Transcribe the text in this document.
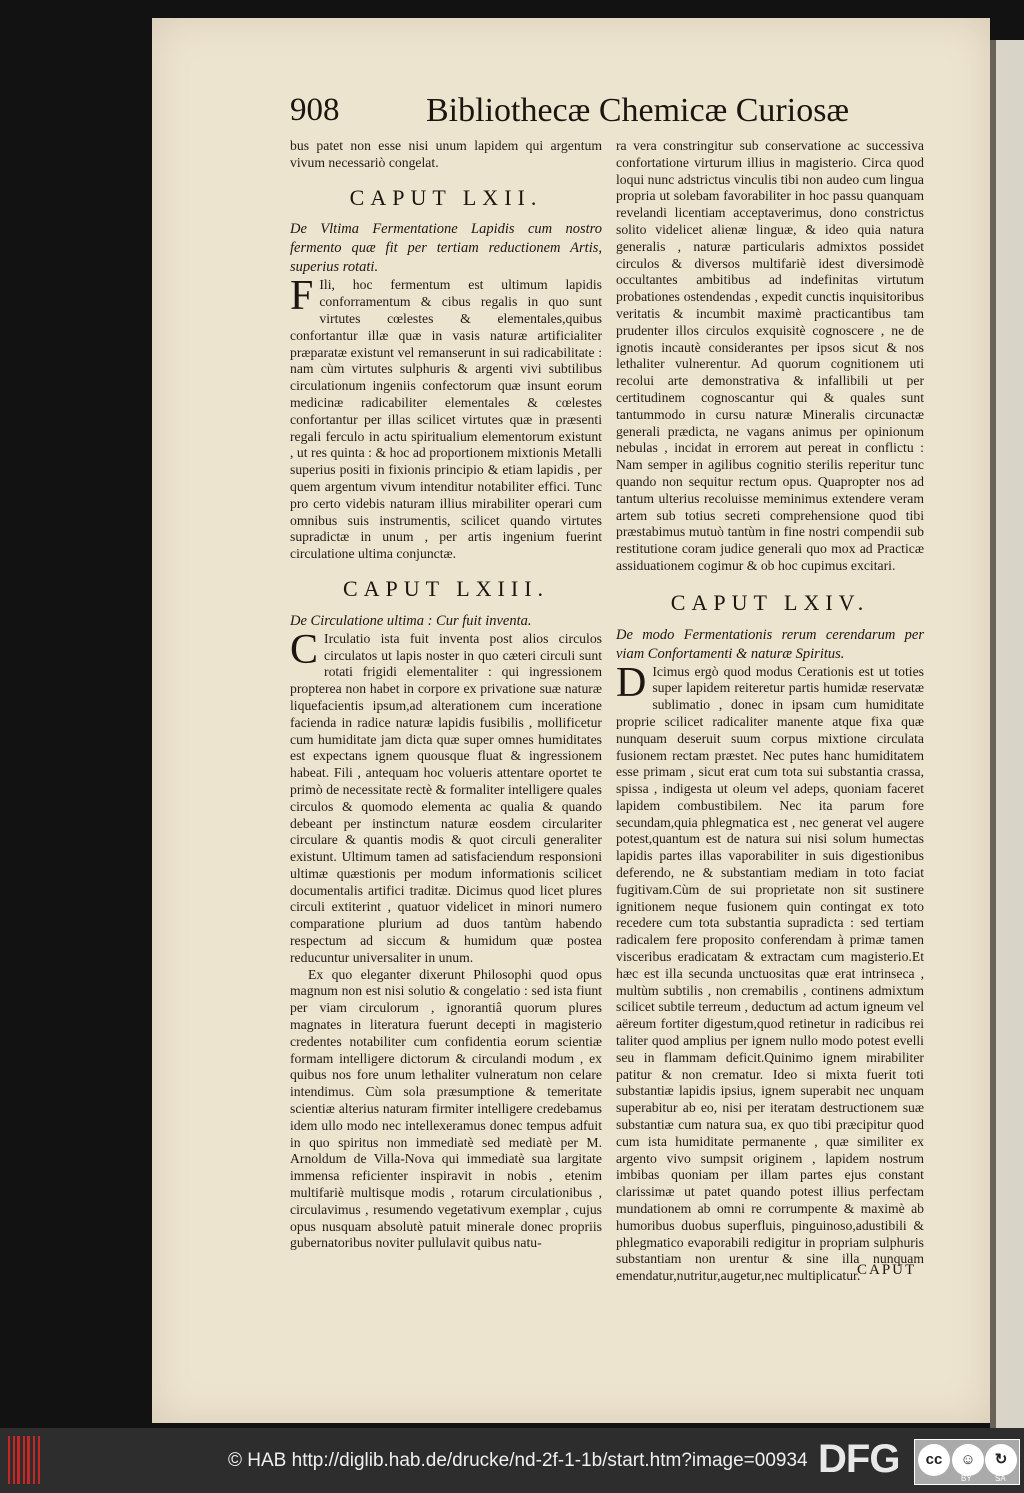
908	Bibliothecæ Chemicæ Curiosæ

bus patet non esse nisi unum lapidem qui argentum vivum necessariò congelat.

CAPUT LXII.

De Vltima Fermentatione Lapidis cum nostro fermento quæ fit per tertiam reductionem Artis, superius rotati.

F Ili, hoc fermentum est ultimum lapidis conforramentum & cibus regalis in quo sunt virtutes cœlestes & elementales,quibus confortantur illæ quæ in vasis naturæ artificialiter præparatæ existunt vel remanserunt in sui radicabilitate : nam cùm virtutes sulphuris & argenti vivi subtilibus circulationum ingeniis confectorum quæ insunt eorum medicinæ radicabiliter elementales & cœlestes confortantur per illas scilicet virtutes quæ in præsenti regali ferculo in actu spiritualium elementorum existunt , ut res quinta : & hoc ad proportionem mixtionis Metalli superius positi in fixionis principio & etiam lapidis , per quem argentum vivum intenditur notabiliter effici. Tunc pro certo videbis naturam illius mirabiliter operari cum omnibus suis instrumentis, scilicet quando virtutes supradictæ in unum , per artis ingenium fuerint circulatione ultima conjunctæ.

CAPUT LXIII.

De Circulatione ultima : Cur fuit inventa.

C Irculatio ista fuit inventa post alios circulos circulatos ut lapis noster in quo cæteri circuli sunt rotati frigidi elementaliter : qui ingressionem propterea non habet in corpore ex privatione suæ naturæ liquefacientis ipsum,ad alterationem cum inceratione facienda in radice naturæ lapidis fusibilis , mollificetur cum humiditate jam dicta quæ super omnes humiditates est expectans ignem quousque fluat & ingressionem habeat. Fili , antequam hoc volueris attentare oportet te primò de necessitate rectè & formaliter intelligere quales circulos & quomodo elementa ac qualia & quando debeant per instinctum naturæ eosdem circulariter circulare & quantis modis & quot circuli generaliter existunt. Ultimum tamen ad satisfaciendum responsioni ultimæ quæstionis per modum informationis scilicet documentalis artifici traditæ. Dicimus quod licet plures circuli extiterint , quatuor videlicet in minori numero comparatione plurium ad duos tantùm habendo respectum ad siccum & humidum quæ postea reducuntur universaliter in unum.

Ex quo eleganter dixerunt Philosophi quod opus magnum non est nisi solutio & congelatio : sed ista fiunt per viam circulorum , ignorantiâ quorum plures magnates in literatura fuerunt decepti in magisterio credentes notabiliter cum confidentia eorum scientiæ formam intelligere dictorum & circulandi modum , ex quibus nos fore unum lethaliter vulneratum non celare intendimus. Cùm sola præsumptione & temeritate scientiæ alterius naturam firmiter intelligere credebamus idem ullo modo nec intellexeramus donec tempus adfuit in quo spiritus non immediatè sed mediatè per M. Arnoldum de Villa-Nova qui immediatè sua largitate immensa reficienter inspiravit in nobis , etenim multifariè multisque modis , rotarum circulationibus , circulavimus , resumendo vegetativum exemplar , cujus opus nusquam absolutè patuit minerale donec propriis gubernatoribus noviter pullulavit quibus natu-

ra vera constringitur sub conservatione ac successiva confortatione virturum illius in magisterio. Circa quod loqui nunc adstrictus vinculis tibi non audeo cum lingua propria ut solebam favorabiliter in hoc passu quanquam revelandi licentiam acceptaverimus, dono constrictus solito videlicet alienæ linguæ, & ideo quia natura generalis , naturæ particularis admixtos possidet circulos & diversos multifariè idest diversimodè occultantes ambitibus ad indefinitas virtutum probationes ostendendas , expedit cunctis inquisitoribus veritatis & incumbit maximè practicantibus tam prudenter illos circulos exquisitè cognoscere , ne de ignotis incautè considerantes per ipsos sicut & nos lethaliter vulnerentur. Ad quorum cognitionem uti recolui arte demonstrativa & infallibili ut per certitudinem cognoscantur qui & quales sunt tantummodo in cursu naturæ Mineralis circunactæ generali prædicta, ne vagans animus per opinionum nebulas , incidat in errorem aut pereat in conflictu : Nam semper in agilibus cognitio sterilis reperitur tunc quando non sequitur rectum opus. Quapropter nos ad tantum ulterius recoluisse meminimus extendere veram artem sub totius secreti comprehensione quod tibi præstabimus mutuò tantùm in fine nostri compendii sub restitutione coram judice generali quo mox ad Practicæ assiduationem cogimur & ob hoc cupimus excitari.

CAPUT LXIV.

De modo Fermentationis rerum cerendarum per viam Confortamenti & naturæ Spiritus.

D Icimus ergò quod modus Cerationis est ut toties super lapidem reiteretur partis humidæ reservatæ sublimatio , donec in ipsam cum humiditate proprie scilicet radicaliter manente atque fixa quæ nunquam deseruit suum corpus mixtione circulata fusionem rectam præstet. Nec putes hanc humiditatem esse primam , sicut erat cum tota sui substantia crassa, spissa , indigesta ut oleum vel adeps, quoniam faceret lapidem combustibilem. Nec ita parum fore secundam,quia phlegmatica est , nec generat vel augere potest,quantum est de natura sui nisi solum humectas lapidis partes illas vaporabiliter in suis digestionibus deferendo, ne & substantiam mediam in toto faciat fugitivam.Cùm de sui proprietate non sit sustinere ignitionem neque fusionem quin contingat ex toto recedere cum tota substantia supradicta : sed tertiam radicalem fere proposito conferendam à primæ tamen visceribus eradicatam & extractam cum magisterio.Et hæc est illa secunda unctuositas quæ erat intrinseca , multùm subtilis , non cremabilis , continens admixtum scilicet subtile terreum , deductum ad actum igneum vel aëreum fortiter digestum,quod retinetur in radicibus rei taliter quod amplius per ignem nullo modo potest evelli seu in flammam deficit.Quinimo ignem mirabiliter patitur & non crematur. Ideo si mixta fuerit toti substantiæ lapidis ipsius, ignem superabit nec unquam superabitur ab eo, nisi per iteratam destructionem suæ substantiæ cum natura sua, ex quo tibi præcipitur quod cum ista humiditate permanente , quæ similiter ex argento vivo sumpsit originem , lapidem nostrum imbibas quoniam per illam partes ejus constant clarissimæ ut patet quando potest illius perfectam mundationem ab omni re corrumpente & maximè ab humoribus duobus superfluis, pinguinoso,adustibili & phlegmatico evaporabili redigitur in propriam sulphuris substantiam non urentur & sine illa nunquam emendatur,nutritur,augetur,nec multiplicatur.

CAPUT
© HAB http://diglib.hab.de/drucke/nd-2f-1-1b/start.htm?image=00934 DFG	cc	☺	↻
BY	SA
